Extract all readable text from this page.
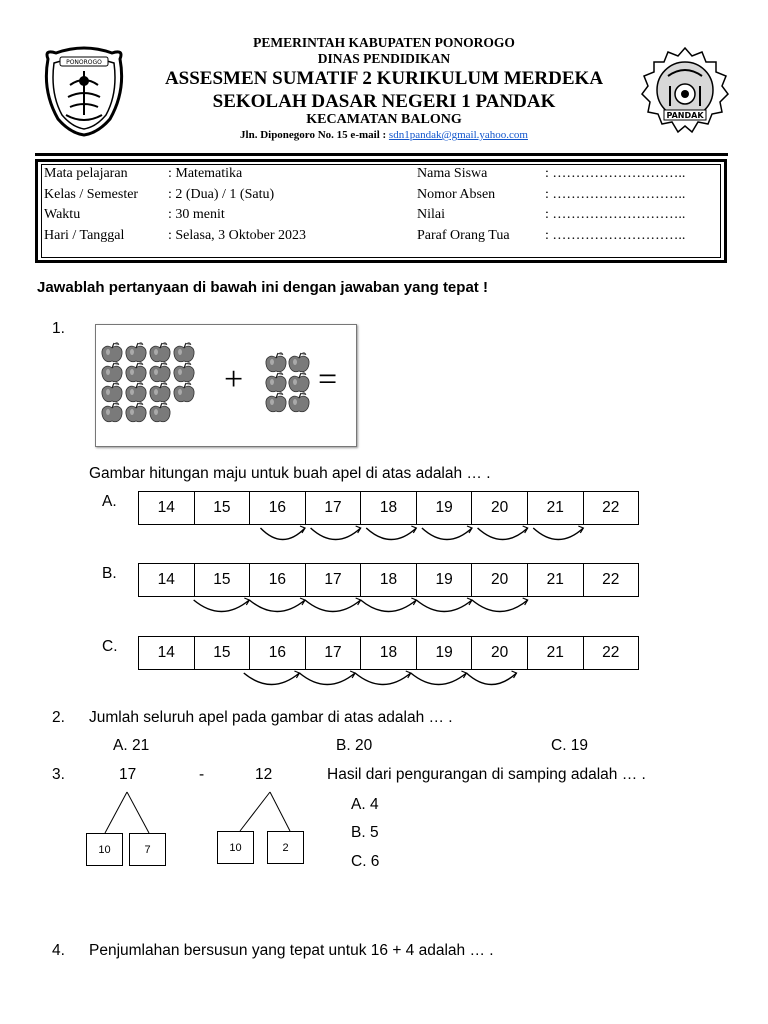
PONOROGO
PANDAK
PEMERINTAH KABUPATEN PONOROGO
DINAS PENDIDIKAN
ASSESMEN SUMATIF 2 KURIKULUM MERDEKA
SEKOLAH DASAR NEGERI 1 PANDAK
KECAMATAN BALONG
Jln. Diponegoro No. 15 e-mail : sdn1pandak@gmail.yahoo.com
Mata pelajaran	: Matematika
Kelas / Semester : 2 (Dua) / 1 (Satu)
Waktu	: 30 menit
Hari / Tanggal	: Selasa, 3 Oktober 2023
Nama Siswa	: ………………………..
Nomor Absen	: ………………………..
Nilai	: ………………………..
Paraf Orang Tua	: ………………………..
Jawablah pertanyaan di bawah ini dengan jawaban yang tepat !
1.
+ =
Gambar hitungan maju untuk buah apel di atas adalah … .
A.	14	15	16	17	18	19	20	21	22
B.	14	15	16	17	18	19	20	21	22
C.	14	15	16	17	18	19	20	21	22
2. Jumlah seluruh apel pada gambar di atas adalah … .
A. 21	B. 20	C. 19
3.	17	-	12	Hasil dari pengurangan di samping adalah … .
10	7	10	2
A. 4
B. 5
C. 6
4. Penjumlahan bersusun yang tepat untuk 16 + 4 adalah … .
